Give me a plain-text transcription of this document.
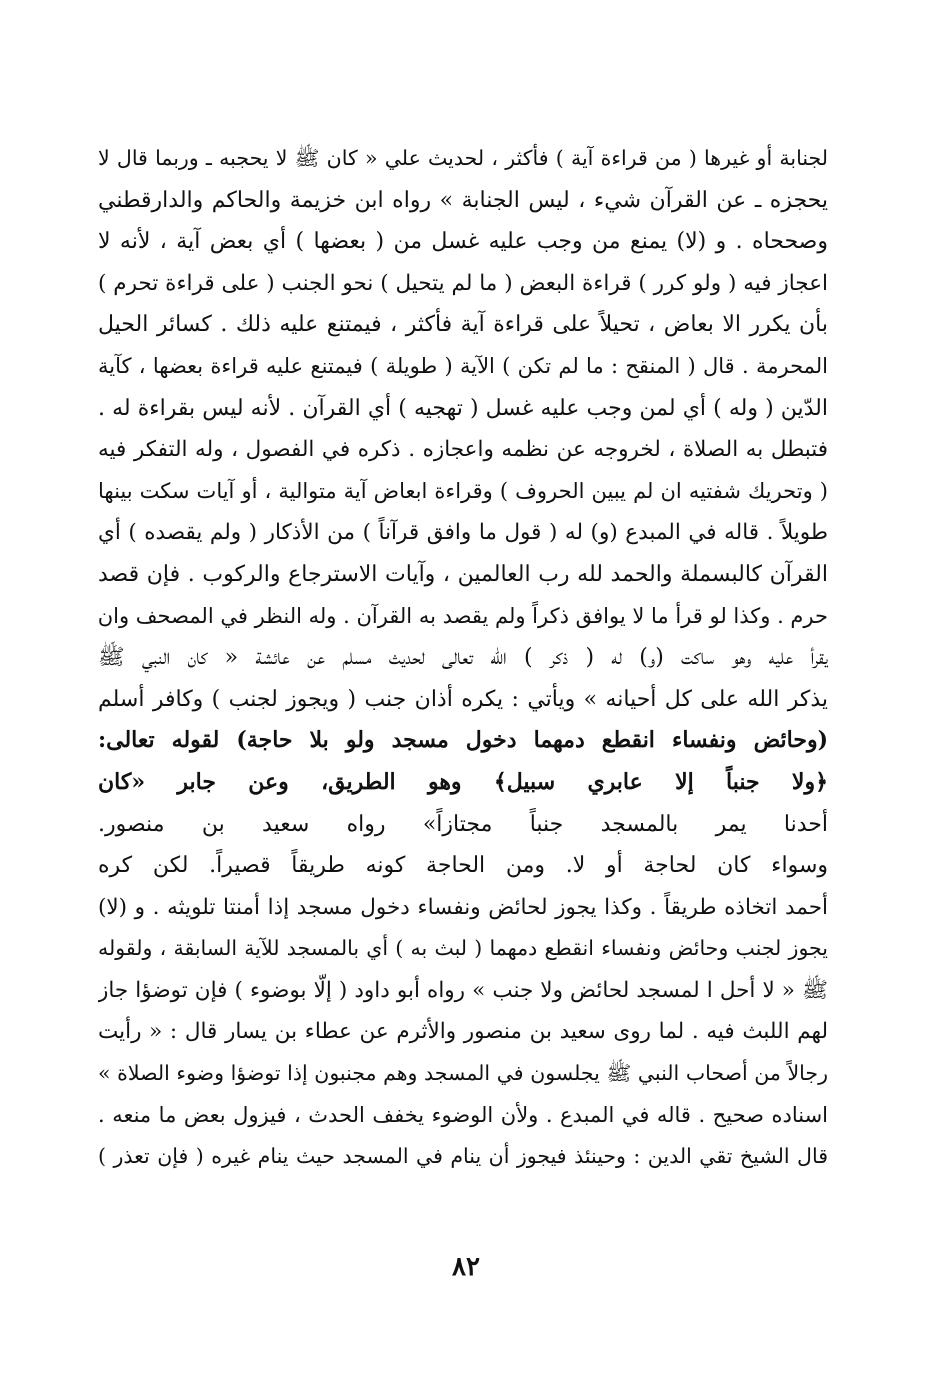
لجنابة أو غيرها ( من قراءة آية ) فأكثر ، لحديث علي « كان ﷺ لا يحجبه ـ وربما قال لا
يحجزه ـ عن القرآن شيء ، ليس الجنابة » رواه ابن خزيمة والحاكم والدارقطني
وصححاه . و (لا) يمنع من وجب عليه غسل من ( بعضها ) أي بعض آية ، لأنه لا
اعجاز فيه ( ولو كرر ) قراءة البعض ( ما لم يتحيل ) نحو الجنب ( على قراءة تحرم )
بأن يكرر الا بعاض ، تحيلاً على قراءة آية فأكثر ، فيمتنع عليه ذلك . كسائر الحيل
المحرمة . قال ( المنقح : ما لم تكن ) الآية ( طويلة ) فيمتنع عليه قراءة بعضها ، كآية
الدّين ( وله ) أي لمن وجب عليه غسل ( تهجيه ) أي القرآن . لأنه ليس بقراءة له .
فتبطل به الصلاة ، لخروجه عن نظمه واعجازه . ذكره في الفصول ، وله التفكر فيه
( وتحريك شفتيه ان لم يبين الحروف ) وقراءة ابعاض آية متوالية ، أو آيات سكت بينها
طويلاً . قاله في المبدع (و) له ( قول ما وافق قرآناً ) من الأذكار ( ولم يقصده ) أي
القرآن كالبسملة والحمد لله رب العالمين ، وآيات الاسترجاع والركوب . فإن قصد
حرم . وكذا لو قرأ ما لا يوافق ذكراً ولم يقصد به القرآن . وله النظر في المصحف وان
يقرأ عليه وهو ساكت (و) له ( ذكر ) الله تعالى لحديث مسلم عن عائشة « كان النبي ﷺ
يذكر الله على كل أحيانه » ويأتي : يكره أذان جنب ( ويجوز لجنب ) وكافر أسلم
(وحائض ونفساء انقطع دمهما دخول مسجد ولو بلا حاجة) لقوله تعالى:
﴿ولا جنباً إلا عابري سبيل﴾ وهو الطريق، وعن جابر «كان
أحدنا يمر بالمسجد جنباً مجتازاً» رواه سعيد بن منصور.
وسواء كان لحاجة أو لا. ومن الحاجة كونه طريقاً قصيراً. لكن كره
أحمد اتخاذه طريقاً . وكذا يجوز لحائض ونفساء دخول مسجد إذا أمنتا تلويثه . و (لا)
يجوز لجنب وحائض ونفساء انقطع دمهما ( لبث به ) أي بالمسجد للآية السابقة ، ولقوله
ﷺ « لا أحل ا لمسجد لحائض ولا جنب » رواه أبو داود ( إلّا بوضوء ) فإن توضؤا جاز
لهم اللبث فيه . لما روى سعيد بن منصور والأثرم عن عطاء بن يسار قال : « رأيت
رجالاً من أصحاب النبي ﷺ يجلسون في المسجد وهم مجنبون إذا توضؤا وضوء الصلاة »
اسناده صحيح . قاله في المبدع . ولأن الوضوء يخفف الحدث ، فيزول بعض ما منعه .
قال الشيخ تقي الدين : وحينئذ فيجوز أن ينام في المسجد حيث ينام غيره ( فإن تعذر )
٨٢
